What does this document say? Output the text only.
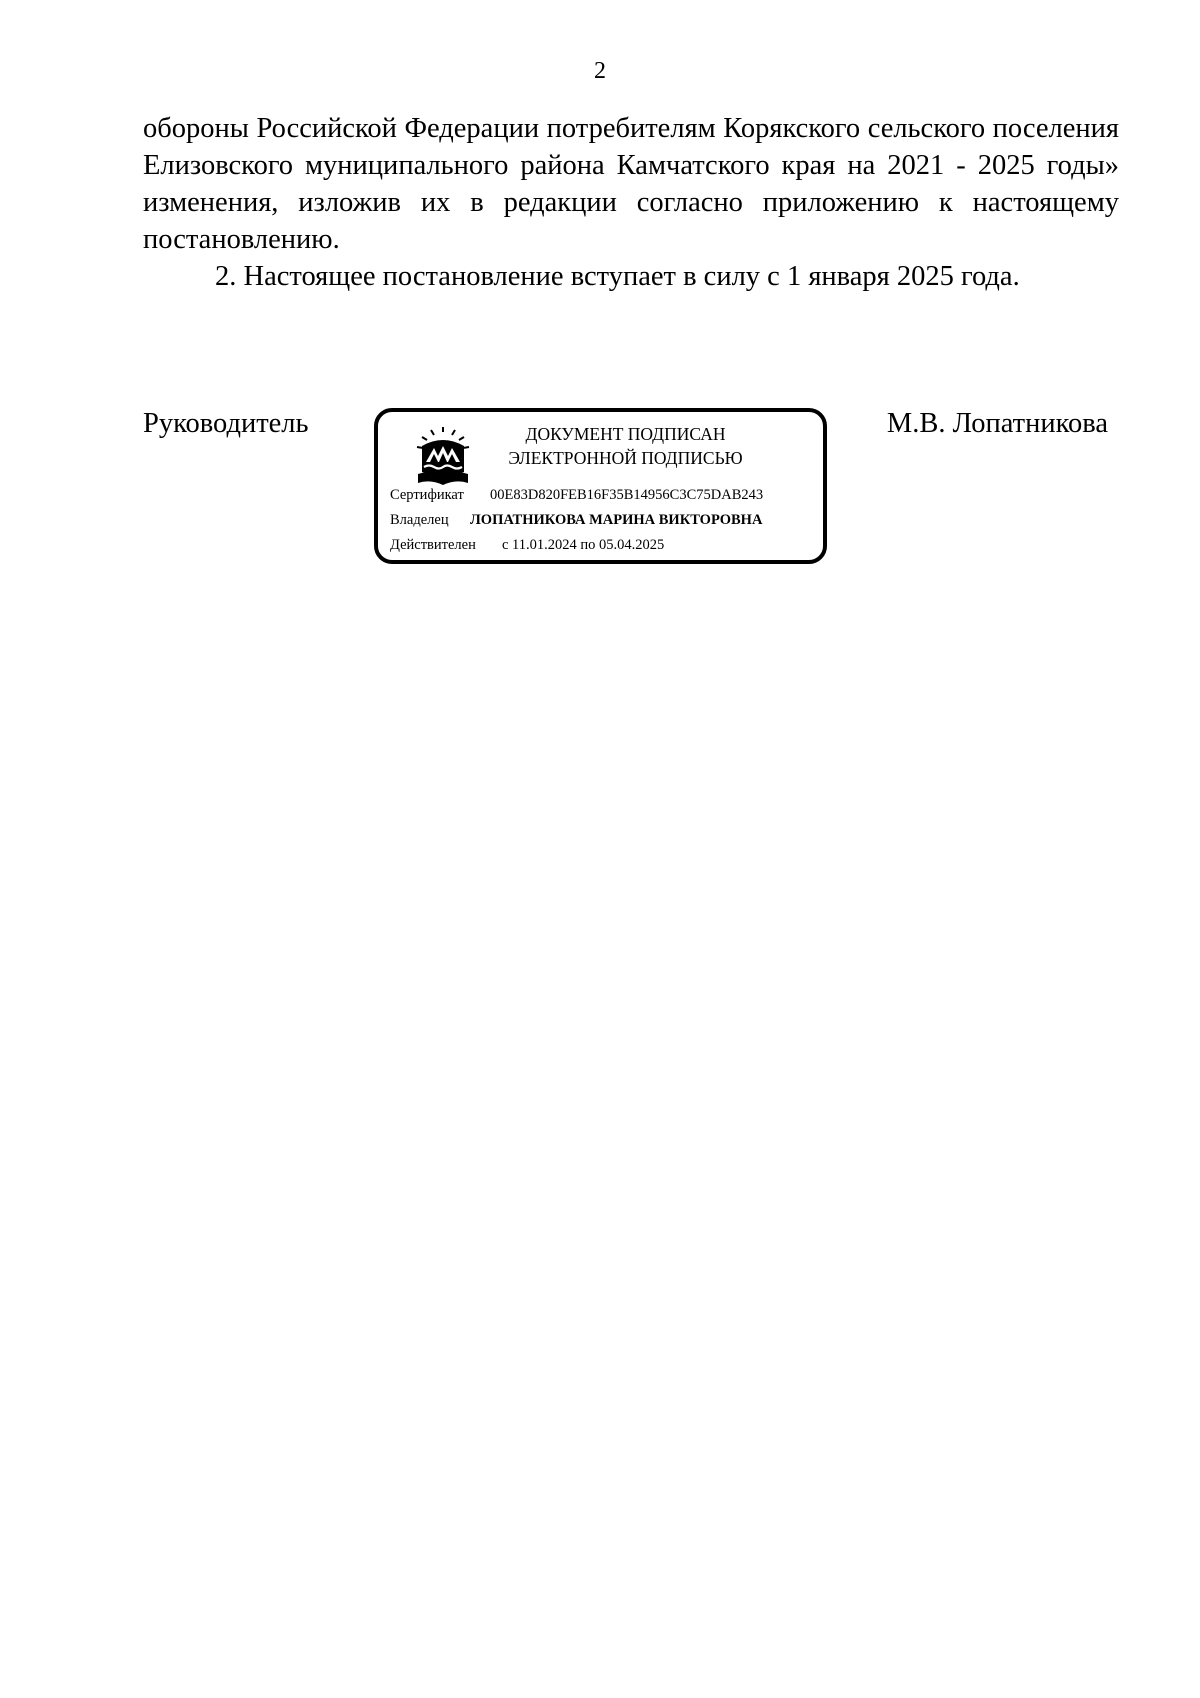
2

обороны Российской Федерации потребителям Корякского сельского поселения Елизовского муниципального района Камчатского края на 2021 - 2025 годы» изменения, изложив их в редакции согласно приложению к настоящему постановлению.

2. Настоящее постановление вступает в силу с 1 января 2025 года.

Руководитель	ДОКУМЕНТ ПОДПИСАН
ЭЛЕКТРОННОЙ ПОДПИСЬЮ
Сертификат 00E83D820FEB16F35B14956C3C75DAB243
Владелец ЛОПАТНИКОВА МАРИНА ВИКТОРОВНА
Действителен с 11.01.2024 по 05.04.2025
М.В. Лопатникова
